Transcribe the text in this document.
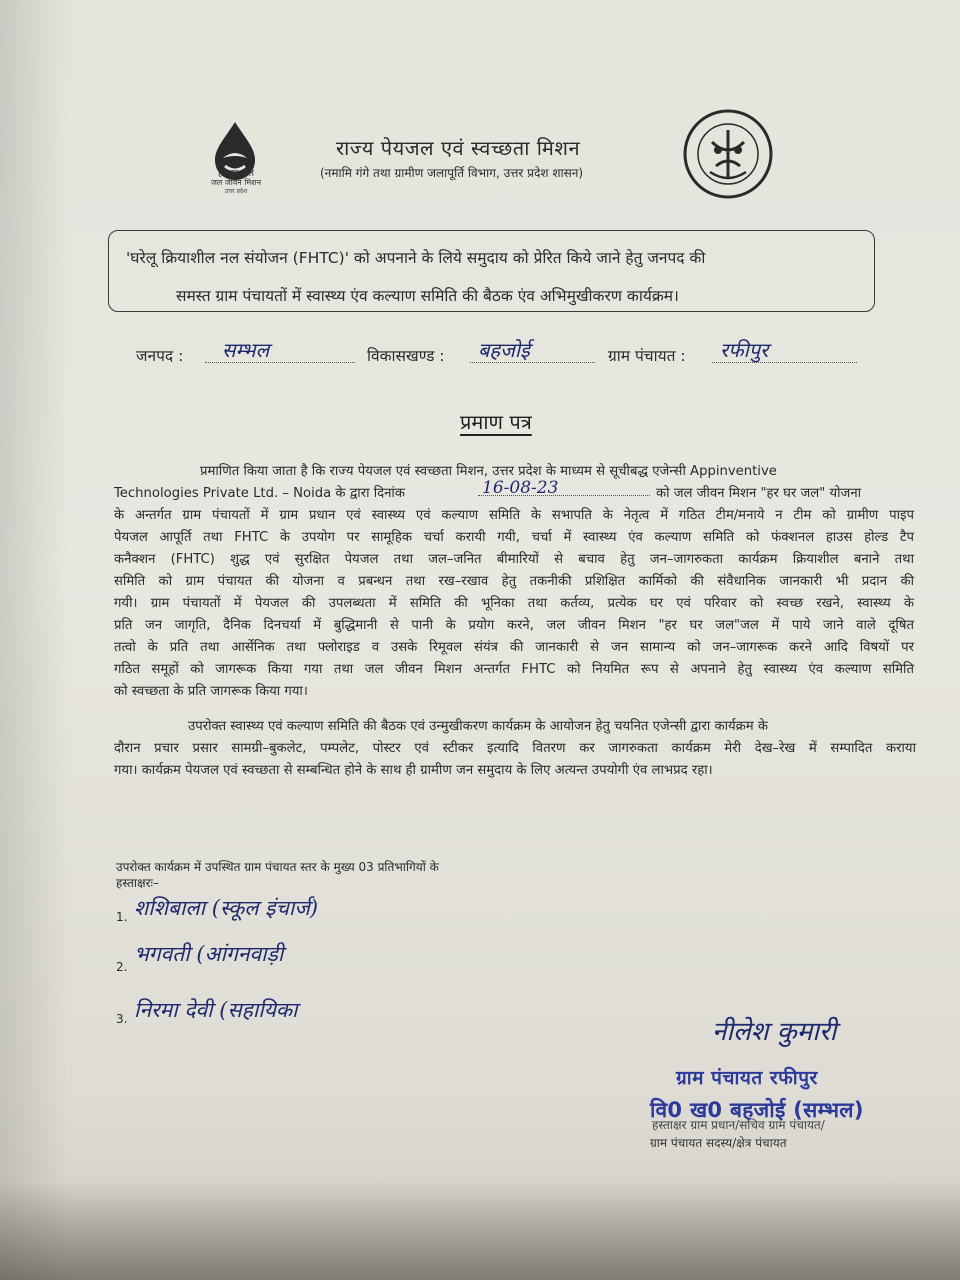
हर घर जल
जल जीवन मिशन
उत्तर प्रदेश
राज्य पेयजल एवं स्वच्छता मिशन
(नमामि गंगे तथा ग्रामीण जलापूर्ति विभाग, उत्तर प्रदेश शासन)
'घरेलू क्रियाशील नल संयोजन (FHTC)' को अपनाने के लिये समुदाय को प्रेरित किये जाने हेतु जनपद की
समस्त ग्राम पंचायतों में स्वास्थ्य एंव कल्याण समिति की बैठक एंव अभिमुखीकरण कार्यक्रम।
जनपद : सम्भल	विकासखण्ड : बहजोई	ग्राम पंचायत : रफीपुर
प्रमाण पत्र
प्रमाणित किया जाता है कि राज्य पेयजल एवं स्वच्छता मिशन, उत्तर प्रदेश के माध्यम से सूचीबद्ध एजेन्सी Appinventive
Technologies Private Ltd. – Noida के द्वारा दिनांक	16-08-23	को जल जीवन मिशन "हर घर जल" योजना
के अन्तर्गत ग्राम पंचायतों में ग्राम प्रधान एवं स्वास्थ्य एवं कल्याण समिति के सभापति के नेतृत्व में गठित टीम/मनाये न टीम को ग्रामीण पाइप
पेयजल आपूर्ति तथा FHTC के उपयोग पर सामूहिक चर्चा करायी गयी, चर्चा में स्वास्थ्य एंव कल्याण समिति को फंक्शनल हाउस होल्ड टैप
कनैक्शन (FHTC) शुद्ध एवं सुरक्षित पेयजल तथा जल–जनित बीमारियों से बचाव हेतु जन–जागरुकता कार्यक्रम क्रियाशील बनाने तथा
समिति को ग्राम पंचायत की योजना व प्रबन्धन तथा रख–रखाव हेतु तकनीकी प्रशिक्षित कार्मिको की संवैधानिक जानकारी भी प्रदान की
गयी। ग्राम पंचायतों में पेयजल की उपलब्धता में समिति की भूनिका तथा कर्तव्य, प्रत्येक घर एवं परिवार को स्वच्छ रखने, स्वास्थ्य के
प्रति जन जागृति, दैनिक दिनचर्या में बुद्धिमानी से पानी के प्रयोग करने, जल जीवन मिशन "हर घर जल"जल में पाये जाने वाले दूषित
तत्वो के प्रति तथा आर्सेनिक तथा फ्लोराइड व उसके रिमूवल संयंत्र की जानकारी से जन सामान्य को जन–जागरूक करने आदि विषयों पर
गठित समूहों को जागरूक किया गया तथा जल जीवन मिशन अन्तर्गत FHTC को नियमित रूप से अपनाने हेतु स्वास्थ्य एंव कल्याण समिति
को स्वच्छता के प्रति जागरूक किया गया।
उपरोक्त स्वास्थ्य एवं कल्याण समिति की बैठक एवं उन्मुखीकरण कार्यक्रम के आयोजन हेतु चयनित एजेन्सी द्वारा कार्यक्रम के
दौरान प्रचार प्रसार सामग्री–बुकलेट, पम्पलेट, पोस्टर एवं स्टीकर इत्यादि वितरण कर जागरुकता कार्यक्रम मेरी देख–रेख में सम्पादित कराया
गया। कार्यक्रम पेयजल एवं स्वच्छता से सम्बन्धित होने के साथ ही ग्रामीण जन समुदाय के लिए अत्यन्त उपयोगी एंव लाभप्रद रहा।
उपरोक्त कार्यक्रम में उपस्थित ग्राम पंचायत स्तर के मुख्य 03 प्रतिभागियों के
हस्ताक्षरः–
1. शशिबाला (स्कूल इंचार्ज)
2.
भगवती (आंगनवाड़ी
3. निरमा देवी (सहायिका
नीलेश कुमारी
ग्राम पंचायत रफीपुर
हस्ताक्षर ग्राम प्रधान/सचिव ग्राम पंचायत/
वि0 ख0 बहजोई (सम्भल)
ग्राम पंचायत सदस्य/क्षेत्र पंचायत
